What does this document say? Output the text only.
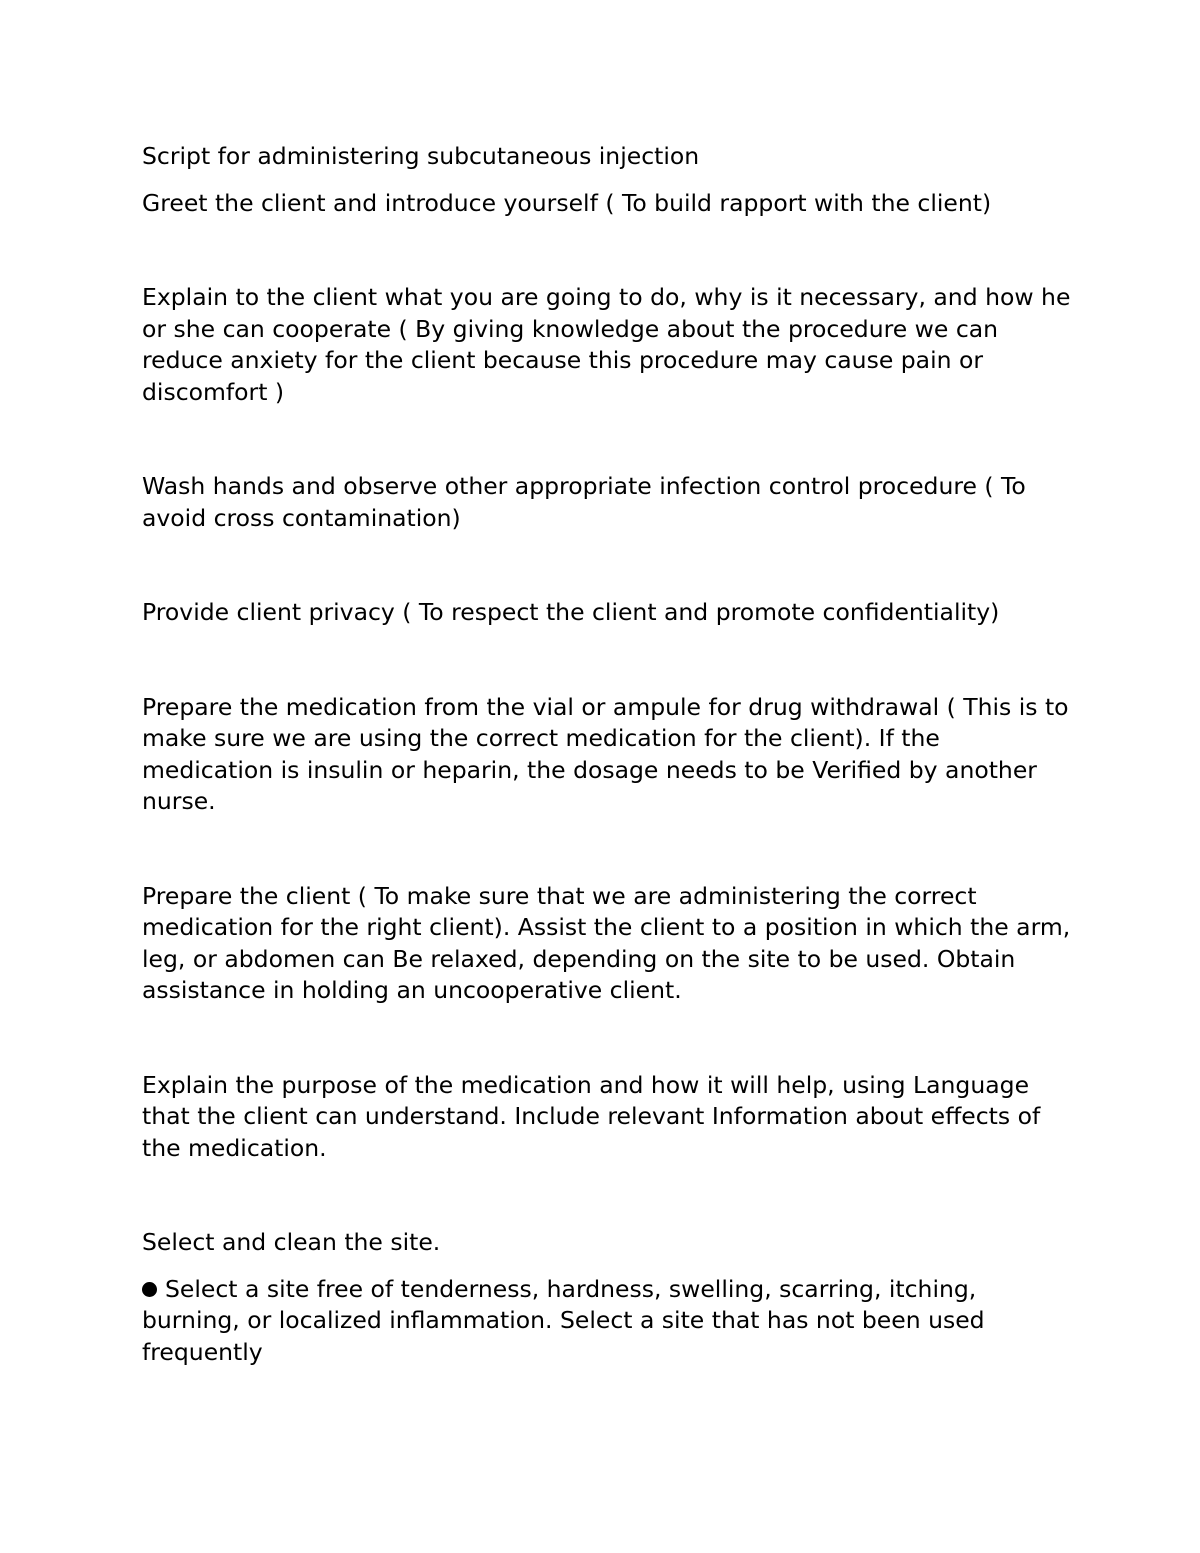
Script for administering subcutaneous injection

Greet the client and introduce yourself ( To build rapport with the client)

Explain to the client what you are going to do, why is it necessary, and how he or she can cooperate ( By giving knowledge about the procedure we can reduce anxiety for the client because this procedure may cause pain or discomfort )

Wash hands and observe other appropriate infection control procedure ( To avoid cross contamination)

Provide client privacy ( To respect the client and promote confidentiality)

Prepare the medication from the vial or ampule for drug withdrawal ( This is to make sure we are using the correct medication for the client). If the medication is insulin or heparin, the dosage needs to be Verified by another nurse.

Prepare the client ( To make sure that we are administering the correct medication for the right client). Assist the client to a position in which the arm, leg, or abdomen can Be relaxed, depending on the site to be used. Obtain assistance in holding an uncooperative client.

Explain the purpose of the medication and how it will help, using Language that the client can understand. Include relevant Information about effects of the medication.

Select and clean the site.

Select a site free of tenderness, hardness, swelling, scarring, itching, burning, or localized inflammation. Select a site that has not been used frequently
